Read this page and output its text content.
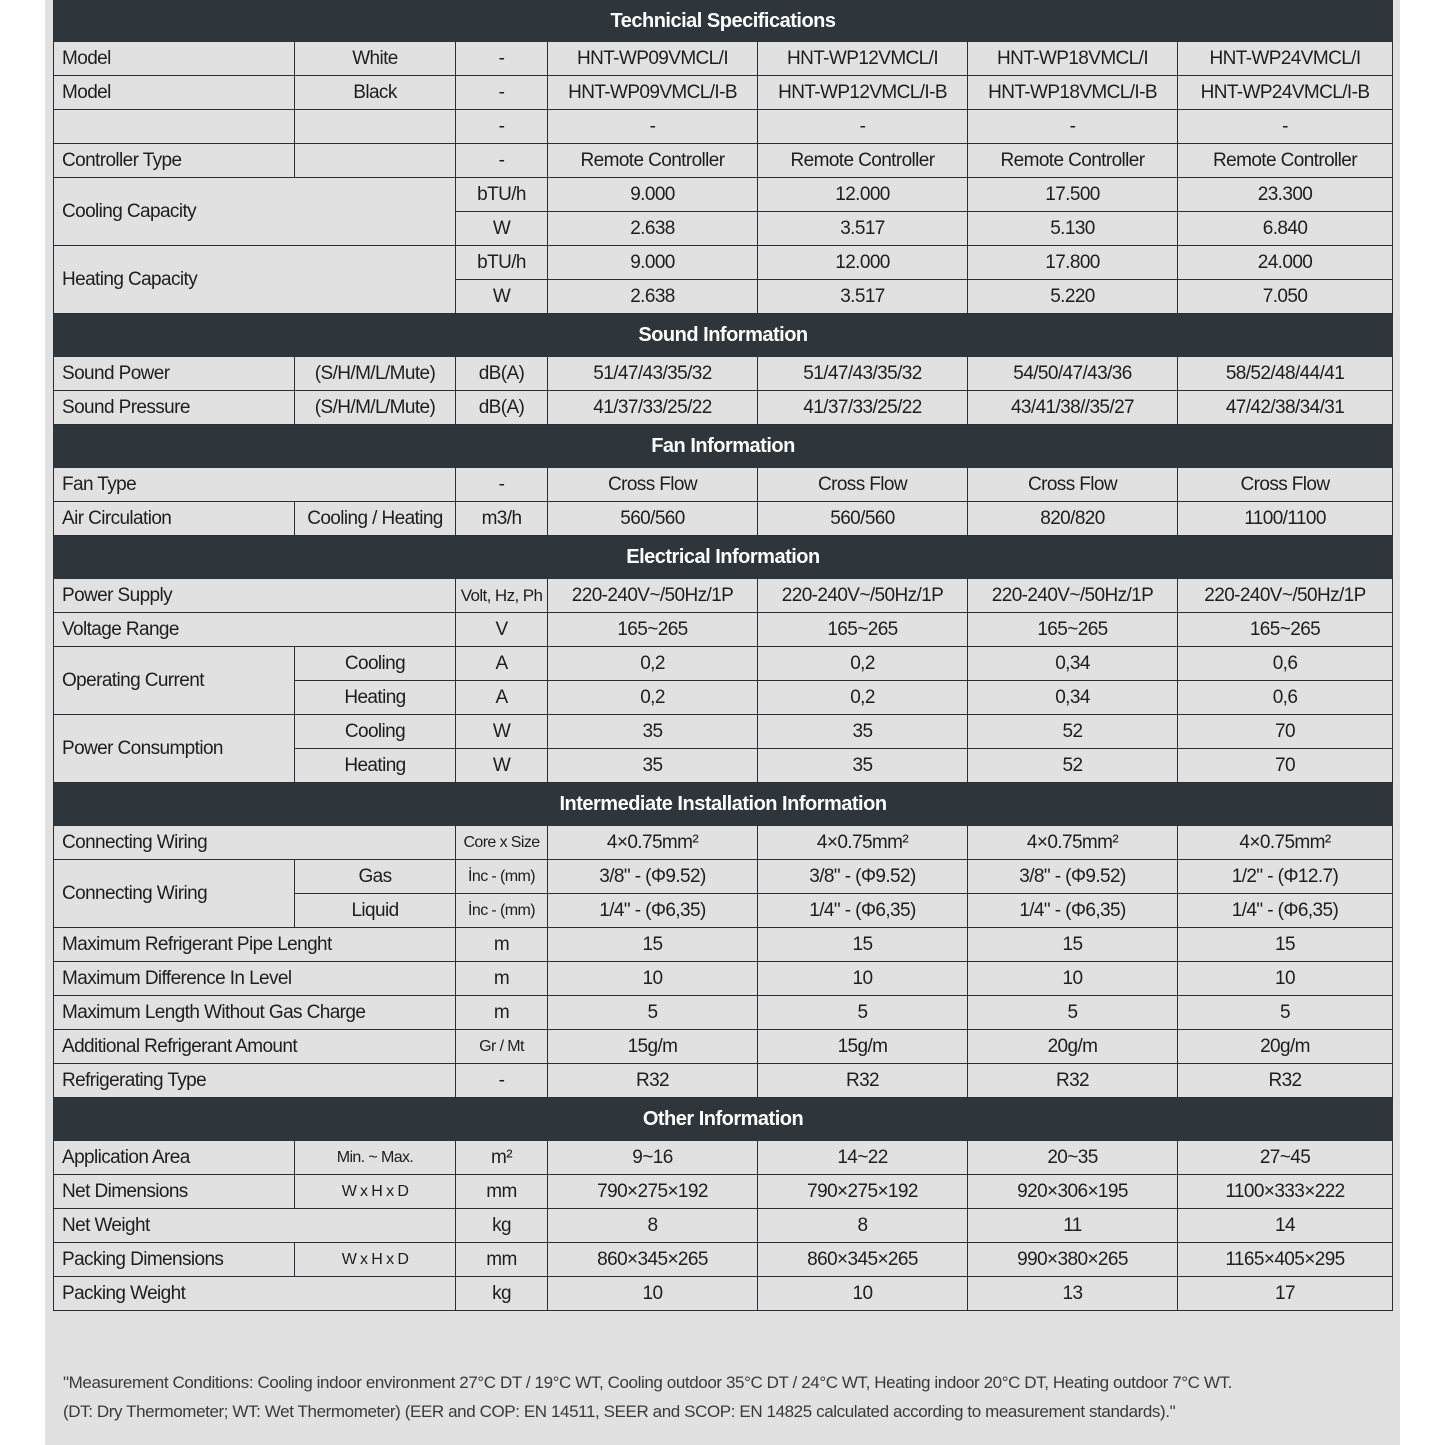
Technicial Specifications						
Model	White	-	HNT-WP09VMCL/I	HNT-WP12VMCL/I	HNT-WP18VMCL/I	HNT-WP24VMCL/I
Model	Black	-	HNT-WP09VMCL/I-B	HNT-WP12VMCL/I-B	HNT-WP18VMCL/I-B	HNT-WP24VMCL/I-B
		-	-	-	-	-
Controller Type		-	Remote Controller	Remote Controller	Remote Controller	Remote Controller
Cooling Capacity		bTU/h	9.000	12.000	17.500	23.300
		W	2.638	3.517	5.130	6.840
Heating Capacity		bTU/h	9.000	12.000	17.800	24.000
		W	2.638	3.517	5.220	7.050
Sound Information						
Sound Power	(S/H/M/L/Mute)	dB(A)	51/47/43/35/32	51/47/43/35/32	54/50/47/43/36	58/52/48/44/41
Sound Pressure	(S/H/M/L/Mute)	dB(A)	41/37/33/25/22	41/37/33/25/22	43/41/38//35/27	47/42/38/34/31
Fan Information						
Fan Type		-	Cross Flow	Cross Flow	Cross Flow	Cross Flow
Air Circulation	Cooling / Heating	m3/h	560/560	560/560	820/820	1100/1100
Electrical Information						
Power Supply		Volt, Hz, Ph	220-240V~/50Hz/1P	220-240V~/50Hz/1P	220-240V~/50Hz/1P	220-240V~/50Hz/1P
Voltage Range		V	165~265	165~265	165~265	165~265
Operating Current	Cooling	A	0,2	0,2	0,34	0,6
	Heating	A	0,2	0,2	0,34	0,6
Power Consumption	Cooling	W	35	35	52	70
	Heating	W	35	35	52	70
Intermediate Installation Information						
Connecting Wiring		Core x Size	4×0.75mm²	4×0.75mm²	4×0.75mm²	4×0.75mm²
Connecting Wiring	Gas	İnc - (mm)	3/8" - (Φ9.52)	3/8" - (Φ9.52)	3/8" - (Φ9.52)	1/2" - (Φ12.7)
	Liquid	İnc - (mm)	1/4" - (Φ6,35)	1/4" - (Φ6,35)	1/4" - (Φ6,35)	1/4" - (Φ6,35)
Maximum Refrigerant Pipe Lenght		m	15	15	15	15
Maximum Difference In Level		m	10	10	10	10
Maximum Length Without Gas Charge		m	5	5	5	5
Additional Refrigerant Amount		Gr / Mt	15g/m	15g/m	20g/m	20g/m
Refrigerating Type		-	R32	R32	R32	R32
Other Information						
Application Area	Min. ~ Max.	m²	9~16	14~22	20~35	27~45
Net Dimensions	W x H x D	mm	790×275×192	790×275×192	920×306×195	1100×333×222
Net Weight		kg	8	8	11	14
Packing Dimensions	W x H x D	mm	860×345×265	860×345×265	990×380×265	1165×405×295
Packing Weight		kg	10	10	13	17
"Measurement Conditions: Cooling indoor environment 27°C DT / 19°C WT, Cooling outdoor 35°C DT / 24°C WT, Heating indoor 20°C DT, Heating outdoor 7°C WT.
(DT: Dry Thermometer; WT: Wet Thermometer) (EER and COP: EN 14511, SEER and SCOP: EN 14825 calculated according to measurement standards)."
